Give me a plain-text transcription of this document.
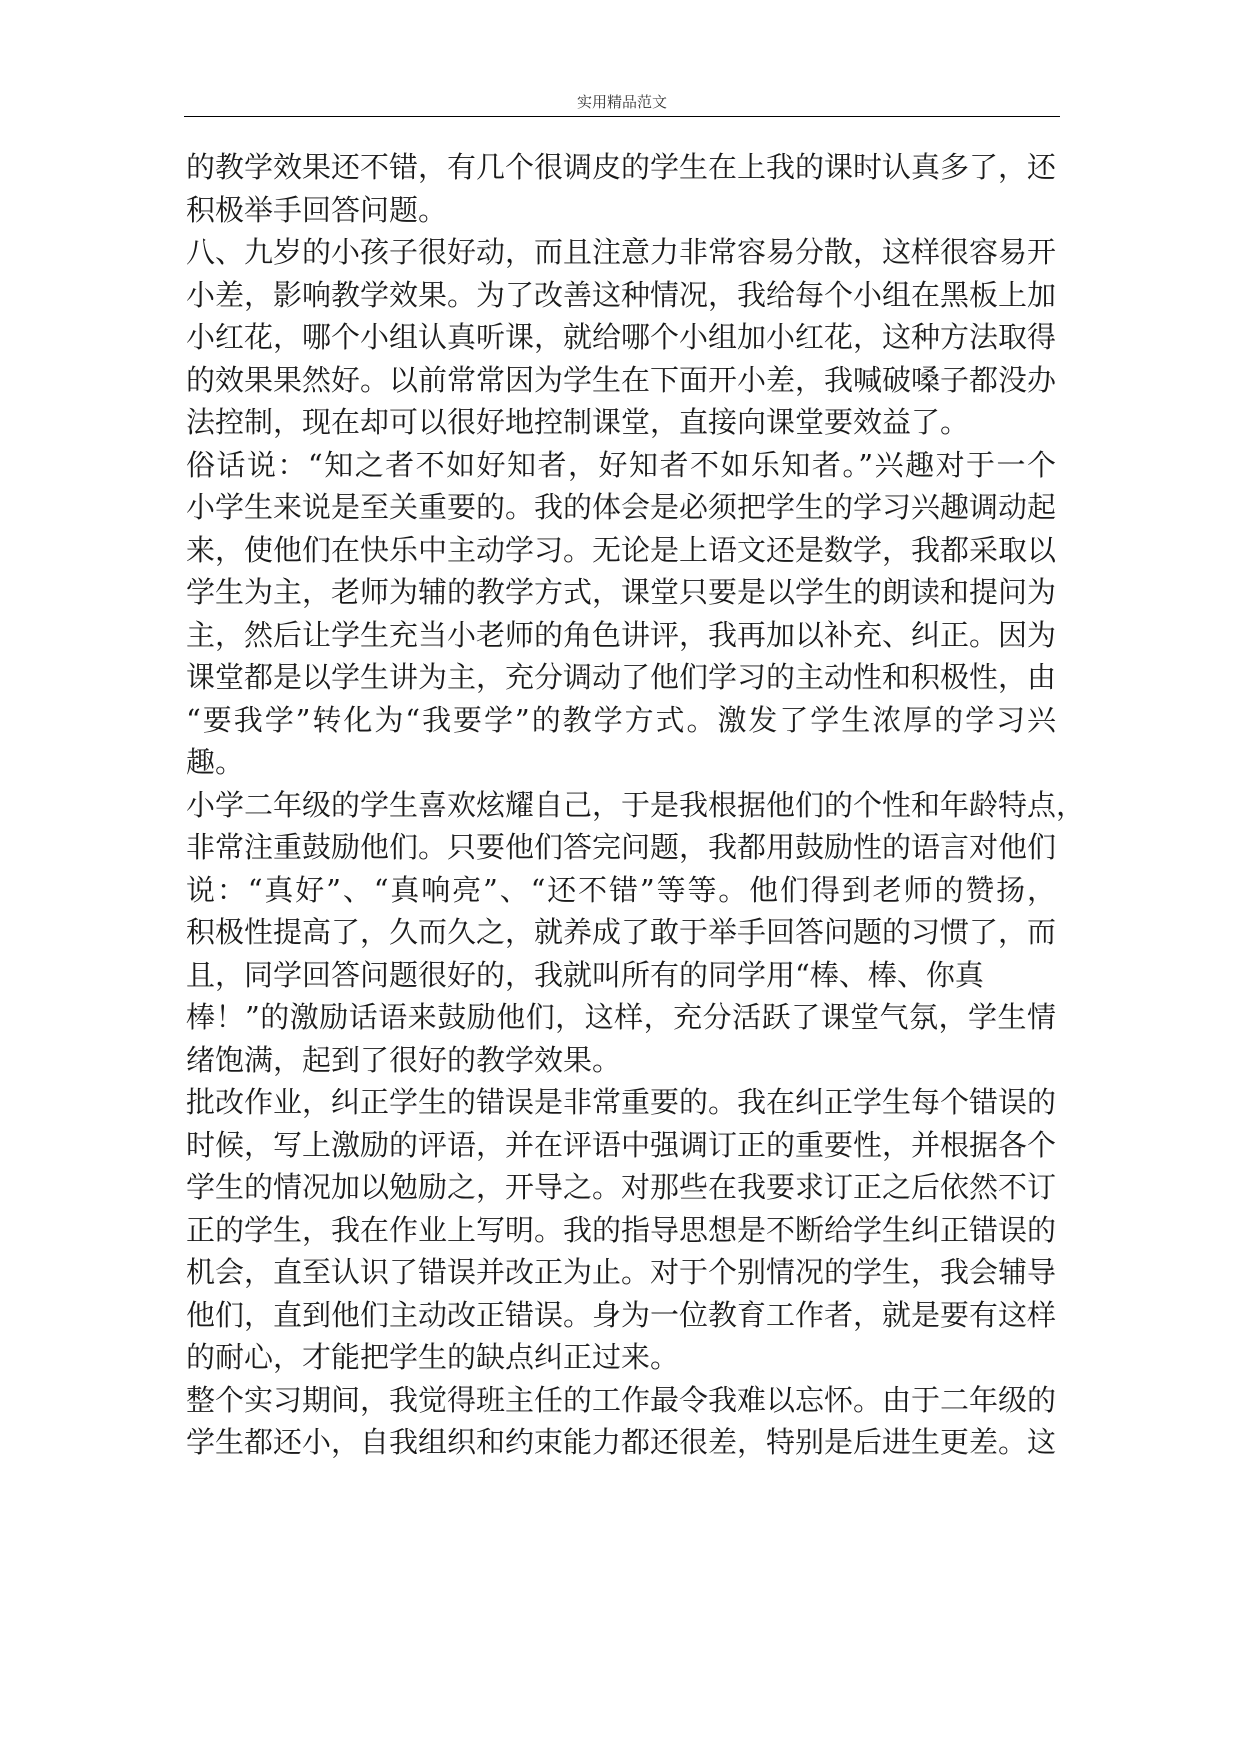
实用精品范文
的教学效果还不错，有几个很调皮的学生在上我的课时认真多了，还
积极举手回答问题。
八、九岁的小孩子很好动，而且注意力非常容易分散，这样很容易开
小差，影响教学效果。为了改善这种情况，我给每个小组在黑板上加
小红花，哪个小组认真听课，就给哪个小组加小红花，这种方法取得
的效果果然好。以前常常因为学生在下面开小差，我喊破嗓子都没办
法控制，现在却可以很好地控制课堂，直接向课堂要效益了。
俗话说：“知之者不如好知者，好知者不如乐知者。”兴趣对于一个
小学生来说是至关重要的。我的体会是必须把学生的学习兴趣调动起
来，使他们在快乐中主动学习。无论是上语文还是数学，我都采取以
学生为主，老师为辅的教学方式，课堂只要是以学生的朗读和提问为
主，然后让学生充当小老师的角色讲评，我再加以补充、纠正。因为
课堂都是以学生讲为主，充分调动了他们学习的主动性和积极性，由
“要我学”转化为“我要学”的教学方式。激发了学生浓厚的学习兴
趣。
小学二年级的学生喜欢炫耀自己，于是我根据他们的个性和年龄特点，
非常注重鼓励他们。只要他们答完问题，我都用鼓励性的语言对他们
说：“真好”、“真响亮”、“还不错”等等。他们得到老师的赞扬，
积极性提高了，久而久之，就养成了敢于举手回答问题的习惯了，而
且，同学回答问题很好的，我就叫所有的同学用“棒、棒、你真
棒！”的激励话语来鼓励他们，这样，充分活跃了课堂气氛，学生情
绪饱满，起到了很好的教学效果。
批改作业，纠正学生的错误是非常重要的。我在纠正学生每个错误的
时候，写上激励的评语，并在评语中强调订正的重要性，并根据各个
学生的情况加以勉励之，开导之。对那些在我要求订正之后依然不订
正的学生，我在作业上写明。我的指导思想是不断给学生纠正错误的
机会，直至认识了错误并改正为止。对于个别情况的学生，我会辅导
他们，直到他们主动改正错误。身为一位教育工作者，就是要有这样
的耐心，才能把学生的缺点纠正过来。
整个实习期间，我觉得班主任的工作最令我难以忘怀。由于二年级的
学生都还小，自我组织和约束能力都还很差，特别是后进生更差。这
